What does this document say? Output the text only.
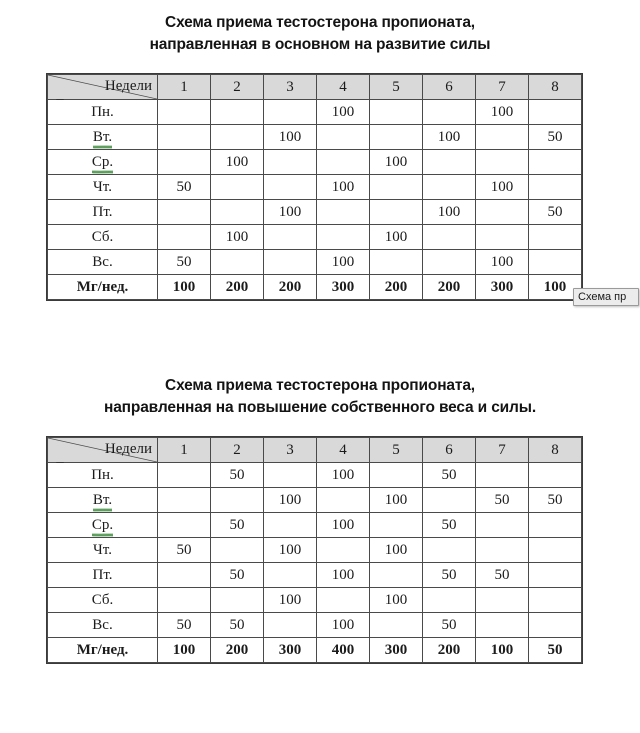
Схема приема тестостерона пропионата,
направленная в основном на развитие силы
Недели	1	2	3	4	5	6	7	8
Пн.				100			100	
Вт.			100			100		50
Ср.		100			100			
Чт.	50			100			100	
Пт.			100			100		50
Сб.		100			100			
Вс.	50			100			100	
Мг/нед.	100	200	200	300	200	200	300	100
Схема приема тестостерона пропионата,
направленная на повышение собственного веса и силы.
Недели	1	2	3	4	5	6	7	8
Пн.		50		100		50		
Вт.			100		100		50	50
Ср.		50		100		50		
Чт.	50		100		100			
Пт.		50		100		50	50	
Сб.			100		100			
Вс.	50	50		100		50		
Мг/нед.	100	200	300	400	300	200	100	50
Схема пр
